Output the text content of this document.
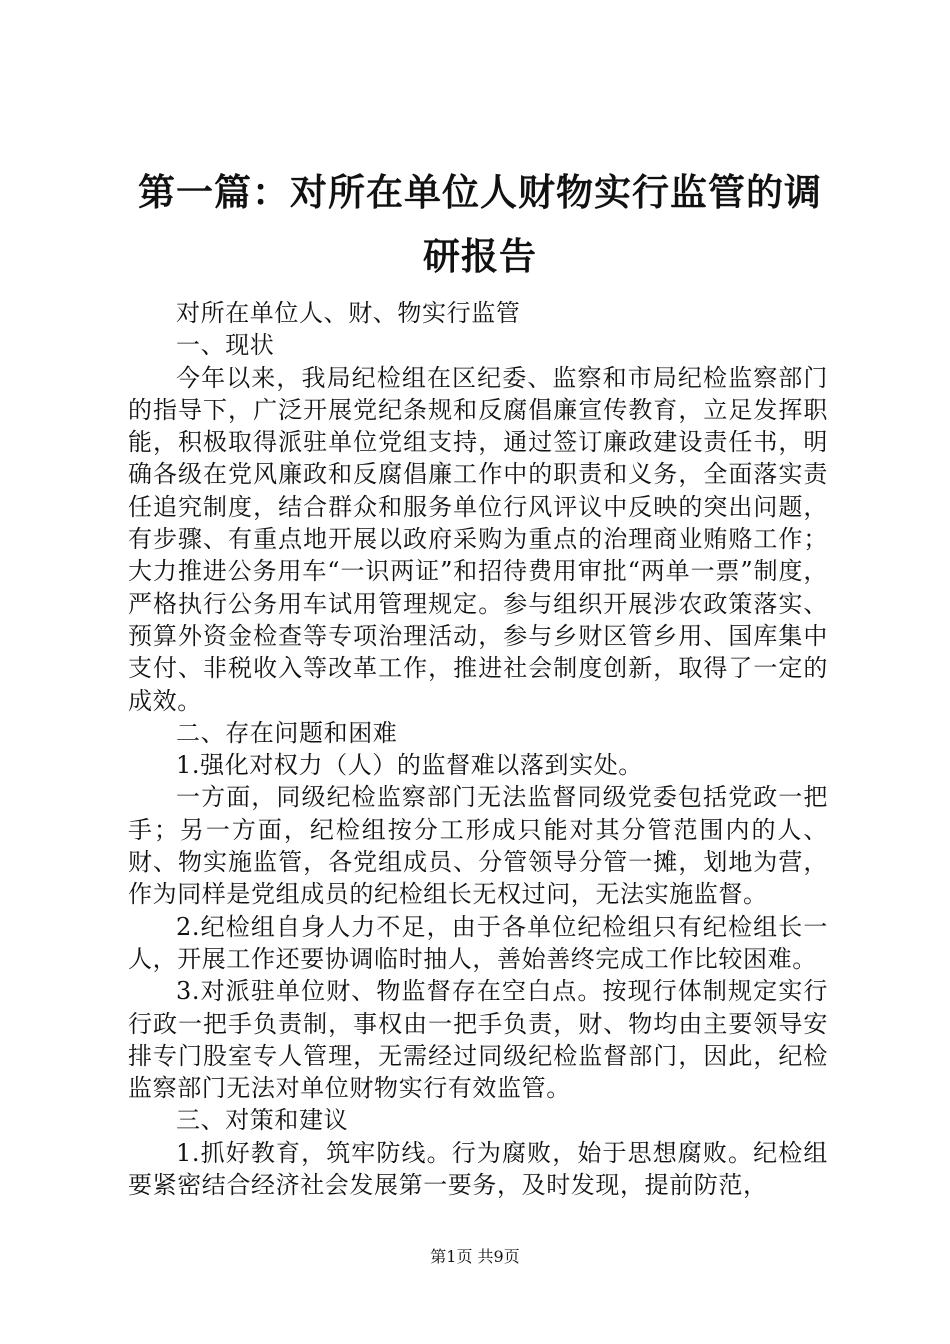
第一篇：对所在单位人财物实行监管的调研报告

对所在单位人、财、物实行监管

一、现状

今年以来，我局纪检组在区纪委、监察和市局纪检监察部门的指导下，广泛开展党纪条规和反腐倡廉宣传教育，立足发挥职能，积极取得派驻单位党组支持，通过签订廉政建设责任书，明确各级在党风廉政和反腐倡廉工作中的职责和义务，全面落实责任追究制度，结合群众和服务单位行风评议中反映的突出问题，有步骤、有重点地开展以政府采购为重点的治理商业贿赂工作；大力推进公务用车“一识两证”和招待费用审批“两单一票”制度，严格执行公务用车试用管理规定。参与组织开展涉农政策落实、预算外资金检查等专项治理活动，参与乡财区管乡用、国库集中支付、非税收入等改革工作，推进社会制度创新，取得了一定的成效。

二、存在问题和困难

1.强化对权力（人）的监督难以落到实处。

一方面，同级纪检监察部门无法监督同级党委包括党政一把手；另一方面，纪检组按分工形成只能对其分管范围内的人、财、物实施监管，各党组成员、分管领导分管一摊，划地为营，作为同样是党组成员的纪检组长无权过问，无法实施监督。

2.纪检组自身人力不足，由于各单位纪检组只有纪检组长一人，开展工作还要协调临时抽人，善始善终完成工作比较困难。

3.对派驻单位财、物监督存在空白点。按现行体制规定实行行政一把手负责制，事权由一把手负责，财、物均由主要领导安排专门股室专人管理，无需经过同级纪检监督部门，因此，纪检监察部门无法对单位财物实行有效监管。

三、对策和建议

1.抓好教育，筑牢防线。行为腐败，始于思想腐败。纪检组要紧密结合经济社会发展第一要务，及时发现，提前防范，

第1页 共9页
